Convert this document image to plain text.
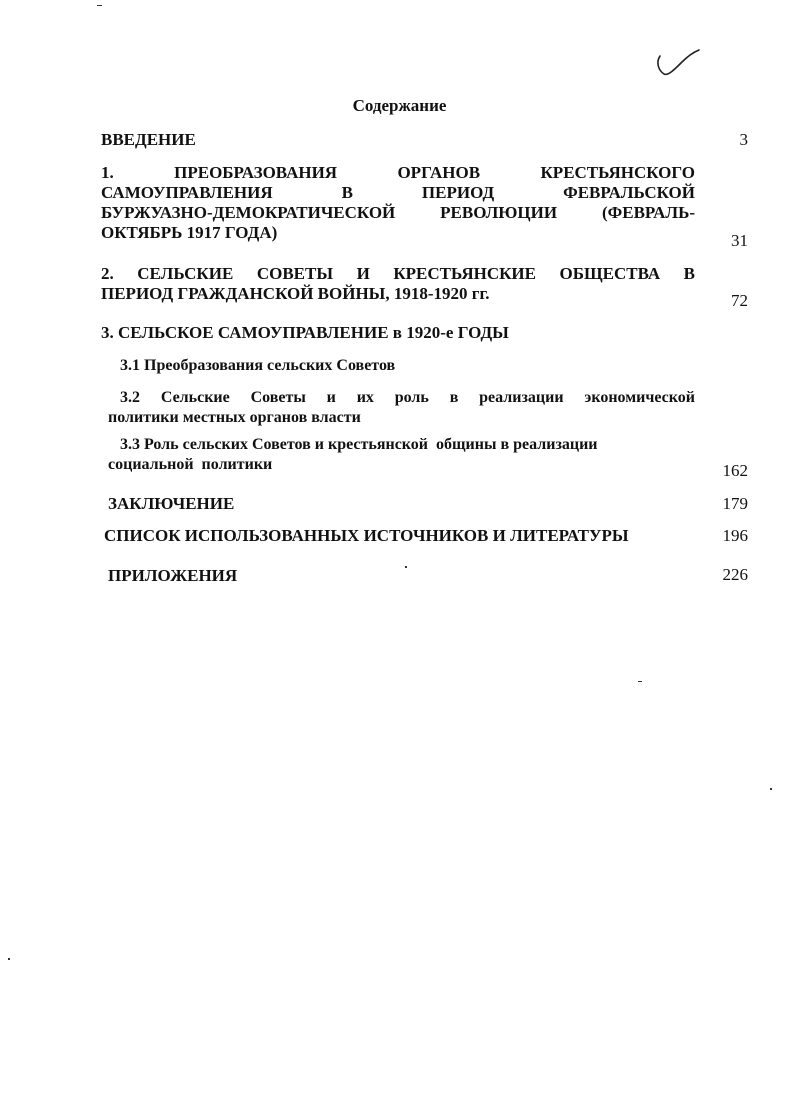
Содержание
ВВЕДЕНИЕ	3
1. ПРЕОБРАЗОВАНИЯ ОРГАНОВ КРЕСТЬЯНСКОГО
САМОУПРАВЛЕНИЯ В ПЕРИОД ФЕВРАЛЬСКОЙ
БУРЖУАЗНО-ДЕМОКРАТИЧЕСКОЙ РЕВОЛЮЦИИ (ФЕВРАЛЬ-

ОКТЯБРЬ 1917 ГОДА)	31
2. СЕЛЬСКИЕ СОВЕТЫ И КРЕСТЬЯНСКИЕ ОБЩЕСТВА В

ПЕРИОД ГРАЖДАНСКОЙ ВОЙНЫ, 1918-1920 гг.	72
3. СЕЛЬСКОЕ САМОУПРАВЛЕНИЕ в 1920-е ГОДЫ
3.1 Преобразования сельских Советов
3.2 Сельские Советы и их роль в реализации экономической
политики местных органов власти
3.3 Роль сельских Советов и крестьянской  общины в реализации
социальной  политики	162
ЗАКЛЮЧЕНИЕ	179
СПИСОК ИСПОЛЬЗОВАННЫХ ИСТОЧНИКОВ И ЛИТЕРАТУРЫ	196
ПРИЛОЖЕНИЯ	226
